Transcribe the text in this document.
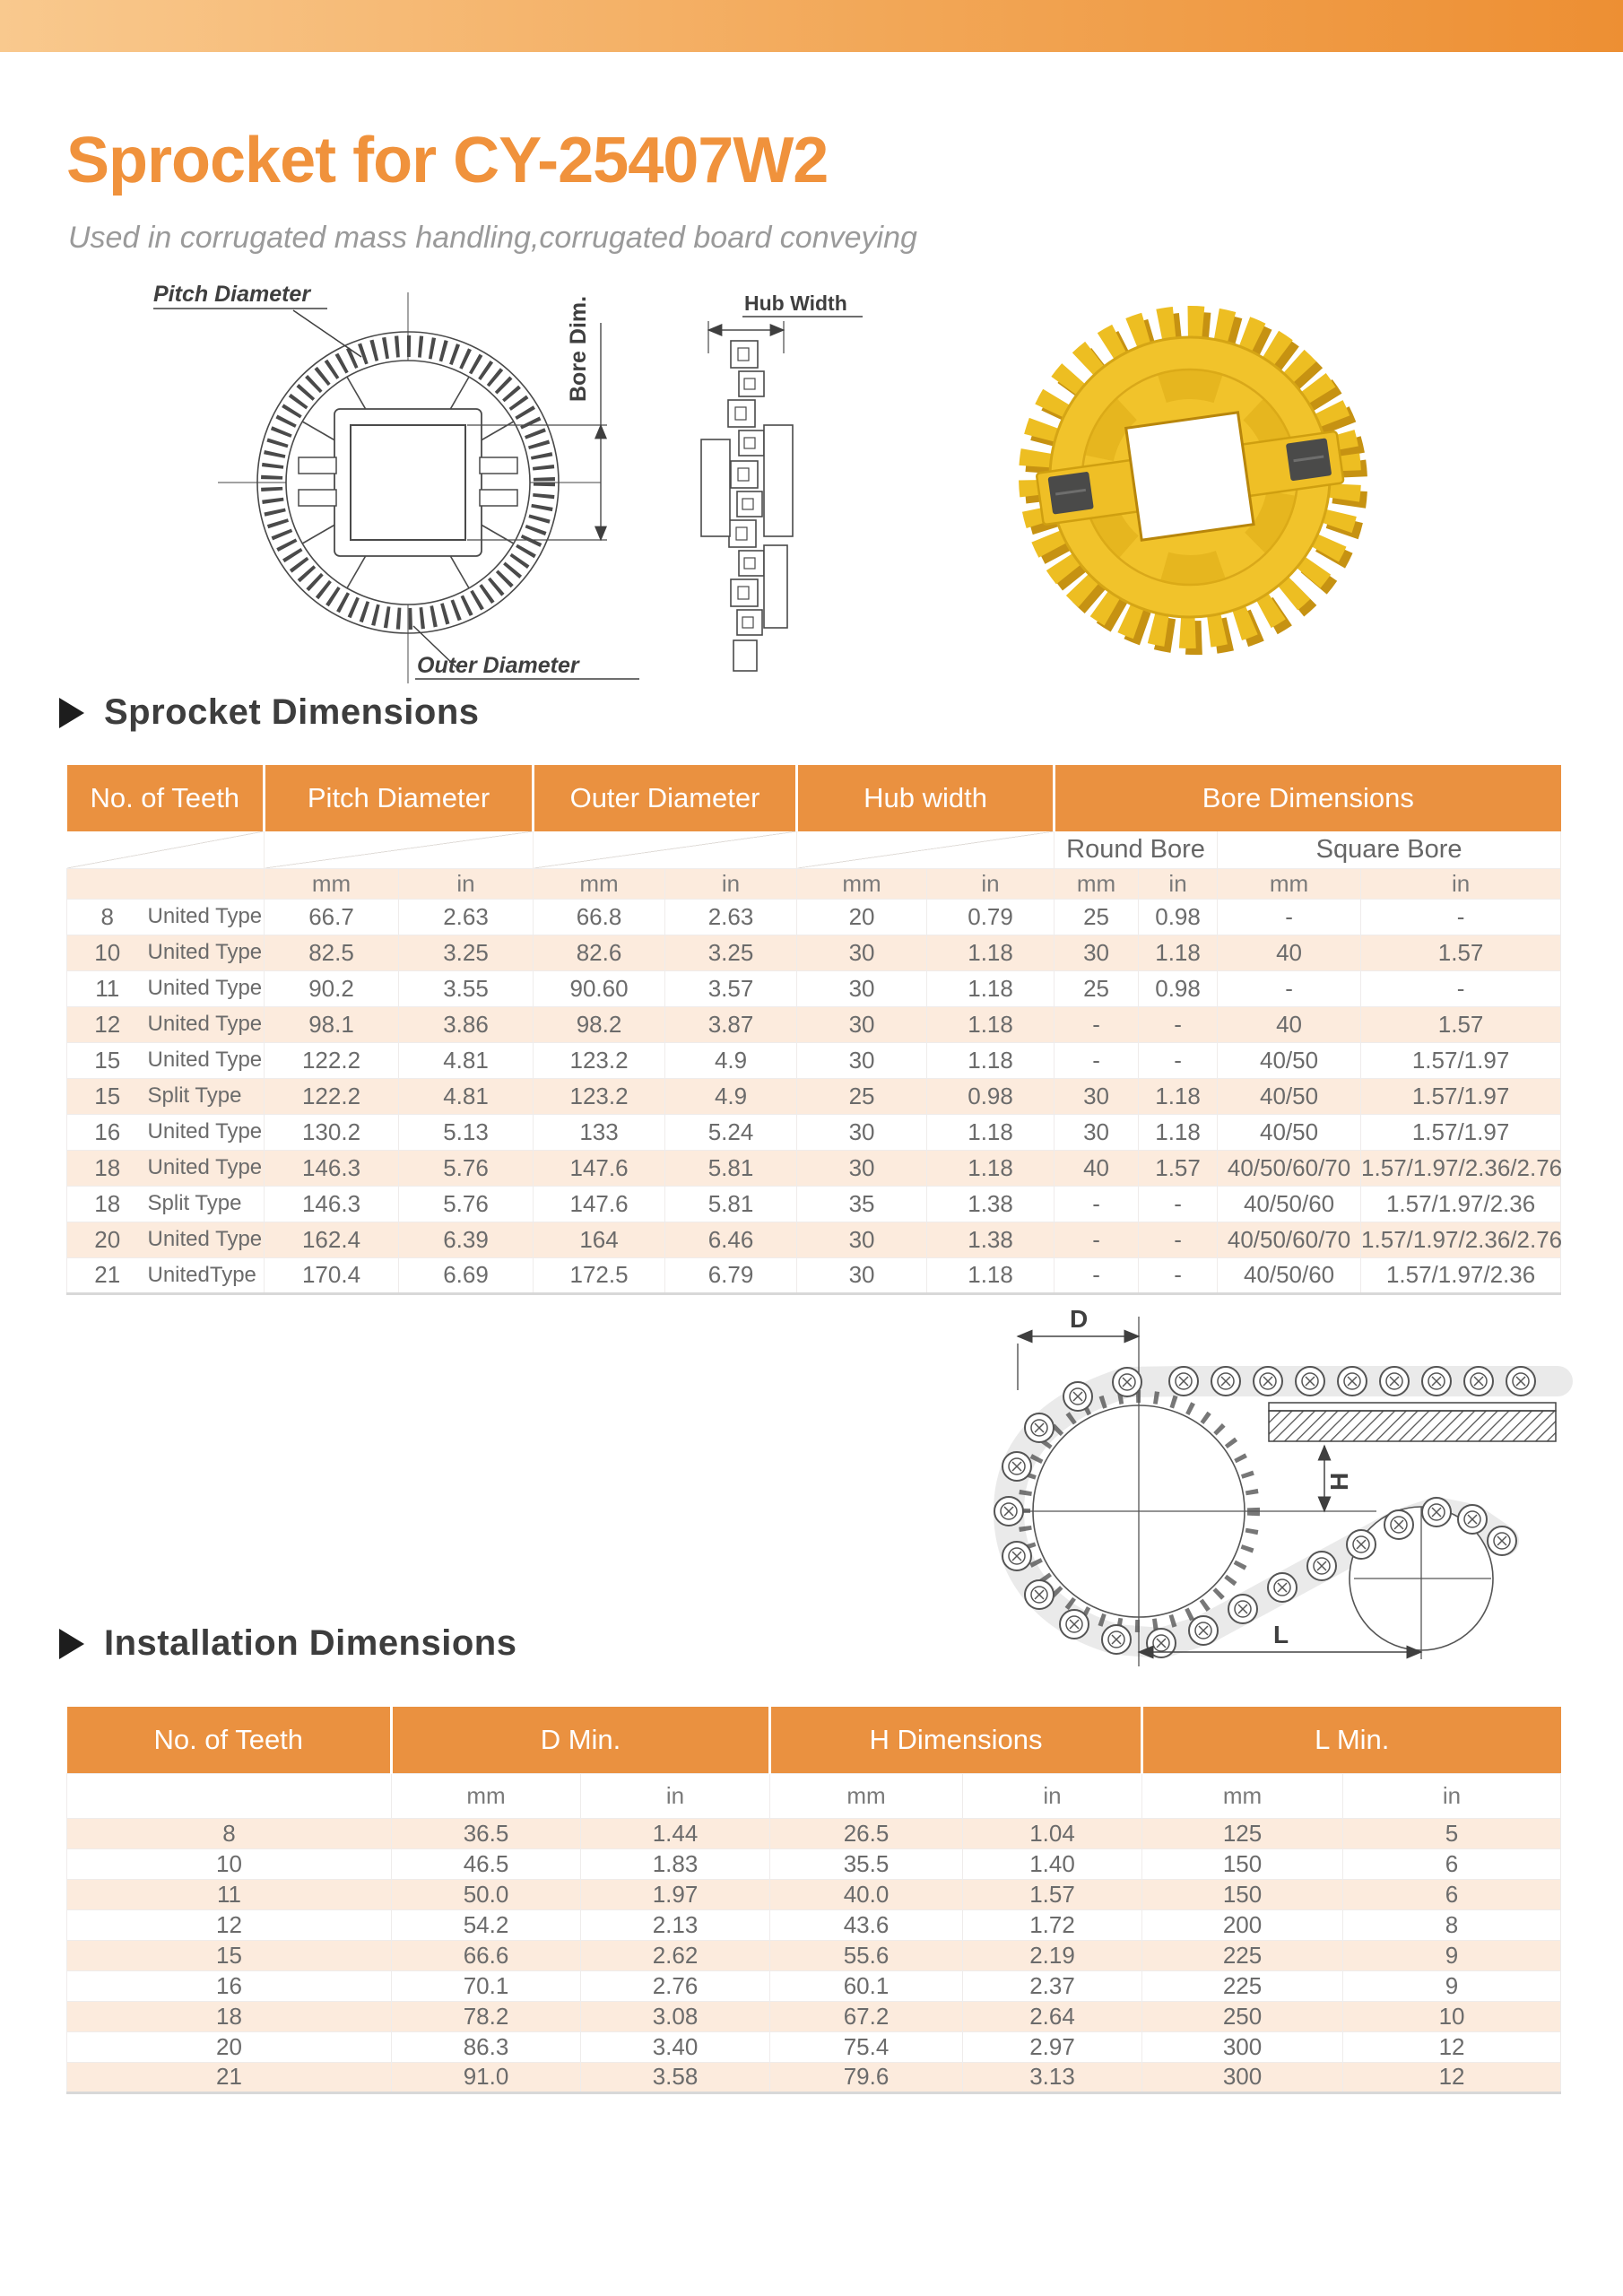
Sprocket for CY-25407W2
Used in corrugated mass handling,corrugated board conveying
Bore Dim.
Pitch Diameter
Outer Diameter
Hub Width
Sprocket Dimensions
No. of Teeth		Pitch Diameter		Outer Diameter		Hub width		Bore Dimensions			
								Round Bore		Square Bore	
		mm	in	mm	in	mm	in	mm	in	mm	in
8	United Type	66.7	2.63	66.8	2.63	20	0.79	25	0.98	-	-
10	United Type	82.5	3.25	82.6	3.25	30	1.18	30	1.18	40	1.57
11	United Type	90.2	3.55	90.60	3.57	30	1.18	25	0.98	-	-
12	United Type	98.1	3.86	98.2	3.87	30	1.18	-	-	40	1.57
15	United Type	122.2	4.81	123.2	4.9	30	1.18	-	-	40/50	1.57/1.97
15	Split Type	122.2	4.81	123.2	4.9	25	0.98	30	1.18	40/50	1.57/1.97
16	United Type	130.2	5.13	133	5.24	30	1.18	30	1.18	40/50	1.57/1.97
18	United Type	146.3	5.76	147.6	5.81	30	1.18	40	1.57	40/50/60/70	1.57/1.97/2.36/2.76
18	Split Type	146.3	5.76	147.6	5.81	35	1.38	-	-	40/50/60	1.57/1.97/2.36
20	United Type	162.4	6.39	164	6.46	30	1.38	-	-	40/50/60/70	1.57/1.97/2.36/2.76
21	UnitedType	170.4	6.69	172.5	6.79	30	1.18	-	-	40/50/60	1.57/1.97/2.36
D
H
L
Installation Dimensions
No. of Teeth	D Min.		H Dimensions		L Min.	
	mm	in	mm	in	mm	in
8	36.5	1.44	26.5	1.04	125	5
10	46.5	1.83	35.5	1.40	150	6
11	50.0	1.97	40.0	1.57	150	6
12	54.2	2.13	43.6	1.72	200	8
15	66.6	2.62	55.6	2.19	225	9
16	70.1	2.76	60.1	2.37	225	9
18	78.2	3.08	67.2	2.64	250	10
20	86.3	3.40	75.4	2.97	300	12
21	91.0	3.58	79.6	3.13	300	12
